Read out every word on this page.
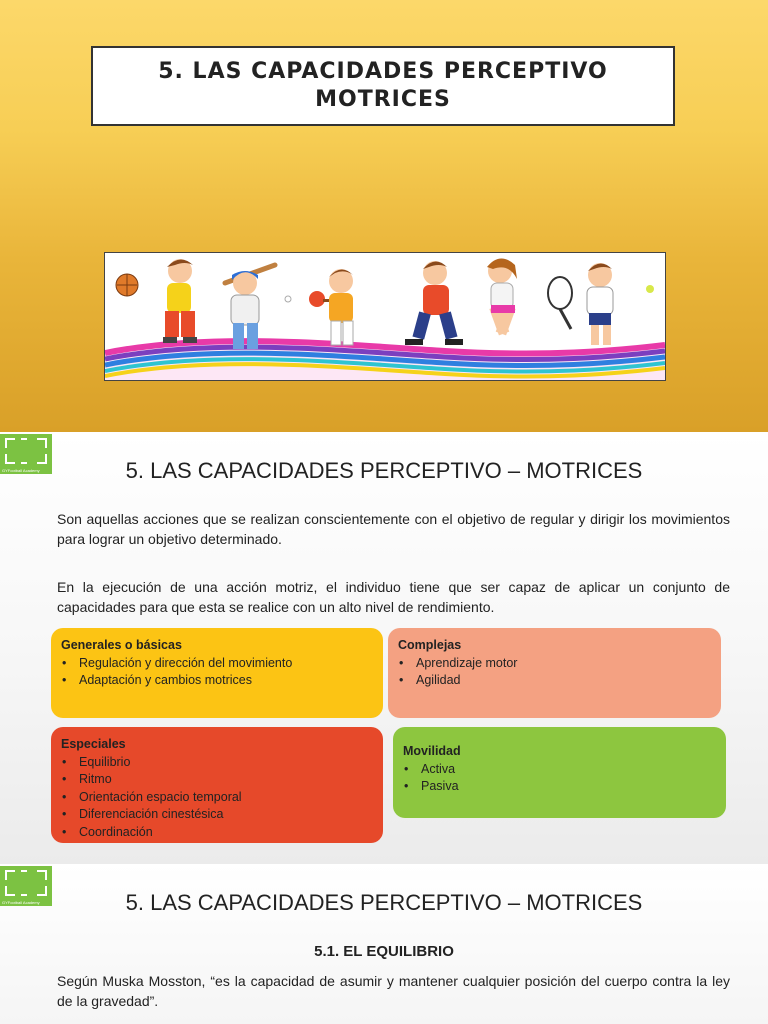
5. LAS CAPACIDADES PERCEPTIVO
MOTRICES
GYFootball Academy	5. LAS CAPACIDADES PERCEPTIVO – MOTRICES
Son aquellas acciones que se realizan conscientemente con el objetivo de regular y dirigir los movimientos para lograr un objetivo determinado.
En la ejecución de una acción motriz, el individuo tiene que ser capaz de aplicar un conjunto de capacidades para que esta se realice con un alto nivel de rendimiento.
Generales o básicas
• Regulación y dirección del movimiento
• Adaptación y cambios motrices
Complejas
• Aprendizaje motor
• Agilidad
Especiales
• Equilibrio
• Ritmo
• Orientación espacio temporal
• Diferenciación cinestésica
• Coordinación
Movilidad
• Activa
• Pasiva
GYFootball Academy	5. LAS CAPACIDADES PERCEPTIVO – MOTRICES
5.1. EL EQUILIBRIO
Según Muska Mosston, “es la capacidad de asumir y mantener cualquier posición del cuerpo contra la ley de la gravedad”.
